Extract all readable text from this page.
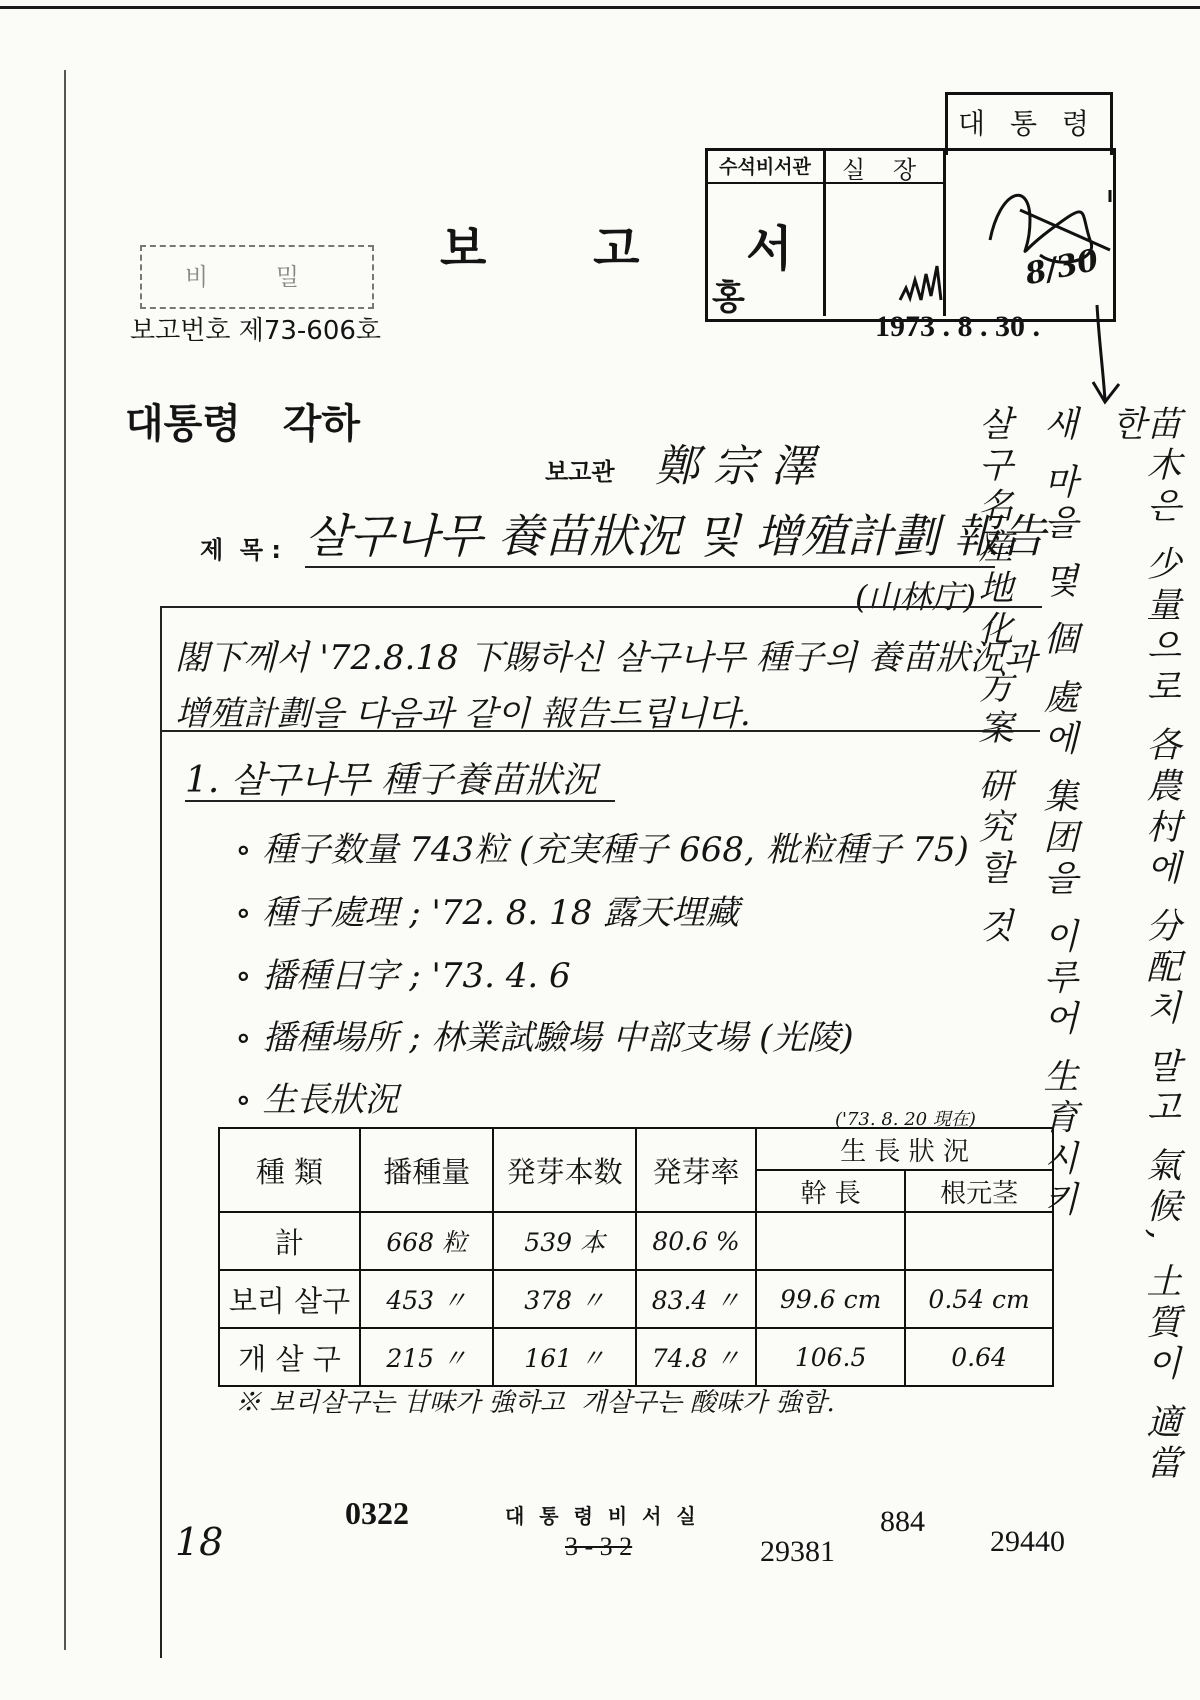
대 통 령
수석비서관	실 장
홍
8/30
비 밀	보 고 서
보고번호 제73-606호	1973 . 8 . 30 .
대통령   각하
보고관 鄭 宗 澤
제  목 : 살구나무 養苗狀況 및 增殖計劃 報告
(山林庁)
閣下께서 '72.8.18 下賜하신 살구나무 種子의 養苗狀況과
增殖計劃을 다음과 같이 報告드립니다.
1. 살구나무 種子養苗狀況
∘ 種子数量 743粒 (充実種子 668, 粃粒種子 75)
∘ 種子處理 ; '72. 8. 18 露天埋藏
∘ 播種日字 ; '73. 4. 6
∘ 播種場所 ; 林業試驗場 中部支場 (光陵)
∘ 生長狀況	('73. 8. 20 現在)
種 類	播種量	発芽本数	発芽率	生 長 狀 況	
				幹 長	根元茎
計	668 粒	539 本	80.6 %		
보리 살구	453 〃	378 〃	83.4 〃	99.6 cm	0.54 cm
개 살 구	215 〃	161 〃	74.8 〃	106.5	0.64
※ 보리살구는 甘味가 強하고  개살구는 酸味가 強함.	苗木은 少量으로 各農村에 分配치 말고 氣候, 土質이 適當한
새 마을 몇 個 處에 集团을 이루어 生育시키
살구名産地化 方案 研究할 것
0322	대 통 령 비 서 실
3 - 3 2	29381
884
29440
18
